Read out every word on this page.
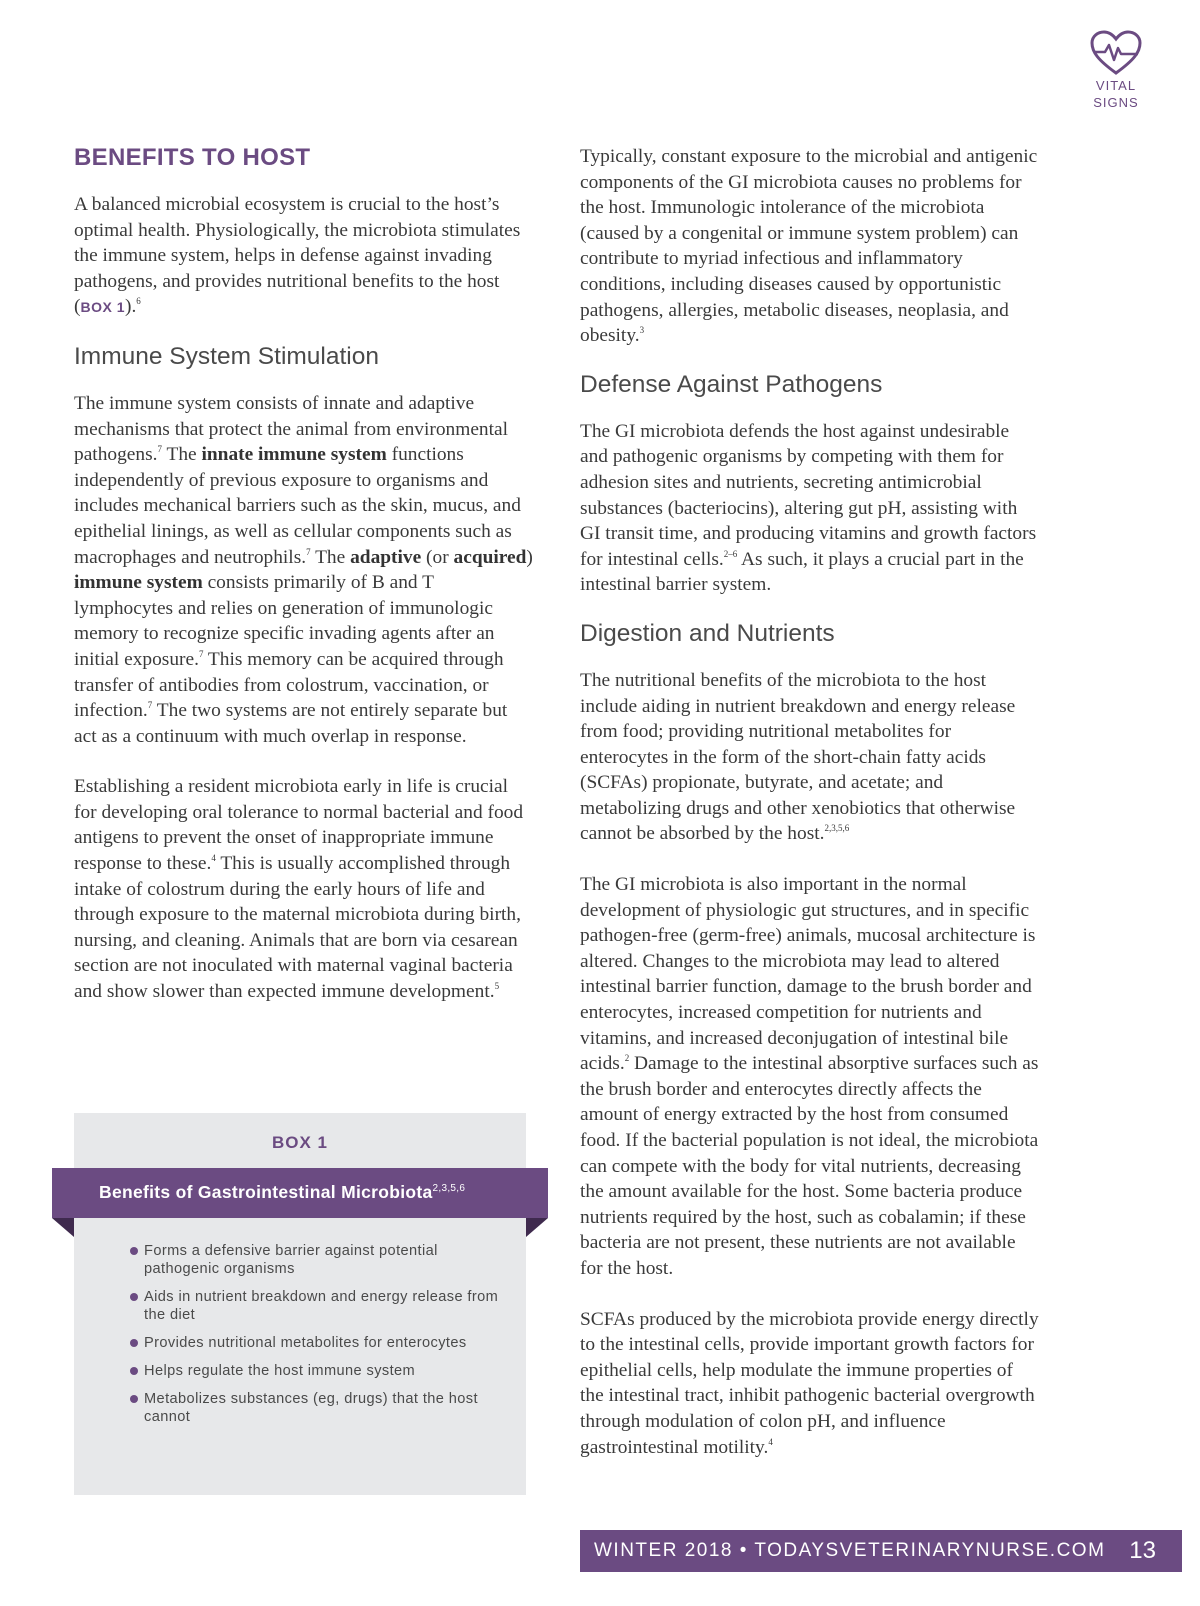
VITAL
SIGNS
BENEFITS TO HOST

A balanced microbial ecosystem is crucial to the host’s optimal health. Physiologically, the microbiota stimulates the immune system, helps in defense against invading pathogens, and provides nutritional benefits to the host (BOX 1).$^6$

Immune System Stimulation

The immune system consists of innate and adaptive mechanisms that protect the animal from environmental pathogens.$^7$ The innate immune system functions independently of previous exposure to organisms and includes mechanical barriers such as the skin, mucus, and epithelial linings, as well as cellular components such as macrophages and neutrophils.$^7$ The adaptive (or acquired) immune system consists primarily of B and T lymphocytes and relies on generation of immunologic memory to recognize specific invading agents after an initial exposure.$^7$ This memory can be acquired through transfer of antibodies from colostrum, vaccination, or infection.$^7$ The two systems are not entirely separate but act as a continuum with much overlap in response.

Establishing a resident microbiota early in life is crucial for developing oral tolerance to normal bacterial and food antigens to prevent the onset of inappropriate immune response to these.$^4$ This is usually accomplished through intake of colostrum during the early hours of life and through exposure to the maternal microbiota during birth, nursing, and cleaning. Animals that are born via cesarean section are not inoculated with maternal vaginal bacteria and show slower than expected immune development.$^5$

BOX 1
Benefits of Gastrointestinal Microbiota$^{2,3,5,6}$
Forms a defensive barrier against potential pathogenic organisms
Aids in nutrient breakdown and energy release from the diet
Provides nutritional metabolites for enterocytes
Helps regulate the host immune system
Metabolizes substances (eg, drugs) that the host cannot

Typically, constant exposure to the microbial and antigenic components of the GI microbiota causes no problems for the host. Immunologic intolerance of the microbiota (caused by a congenital or immune system problem) can contribute to myriad infectious and inflammatory conditions, including diseases caused by opportunistic pathogens, allergies, metabolic diseases, neoplasia, and obesity.$^3$

Defense Against Pathogens

The GI microbiota defends the host against undesirable and pathogenic organisms by competing with them for adhesion sites and nutrients, secreting antimicrobial substances (bacteriocins), altering gut pH, assisting with GI transit time, and producing vitamins and growth factors for intestinal cells.$^{2-6}$ As such, it plays a crucial part in the intestinal barrier system.

Digestion and Nutrients

The nutritional benefits of the microbiota to the host include aiding in nutrient breakdown and energy release from food; providing nutritional metabolites for enterocytes in the form of the short-chain fatty acids (SCFAs) propionate, butyrate, and acetate; and metabolizing drugs and other xenobiotics that otherwise cannot be absorbed by the host.$^{2,3,5,6}$

The GI microbiota is also important in the normal development of physiologic gut structures, and in specific pathogen-free (germ-free) animals, mucosal architecture is altered. Changes to the microbiota may lead to altered intestinal barrier function, damage to the brush border and enterocytes, increased competition for nutrients and vitamins, and increased deconjugation of intestinal bile acids.$^2$ Damage to the intestinal absorptive surfaces such as the brush border and enterocytes directly affects the amount of energy extracted by the host from consumed food. If the bacterial population is not ideal, the microbiota can compete with the body for vital nutrients, decreasing the amount available for the host. Some bacteria produce nutrients required by the host, such as cobalamin; if these bacteria are not present, these nutrients are not available for the host.

SCFAs produced by the microbiota provide energy directly to the intestinal cells, provide important growth factors for epithelial cells, help modulate the immune properties of the intestinal tract, inhibit pathogenic bacterial overgrowth through modulation of colon pH, and influence gastrointestinal motility.$^4$

WINTER 2018 • TODAYSVETERINARYNURSE.COM 13
